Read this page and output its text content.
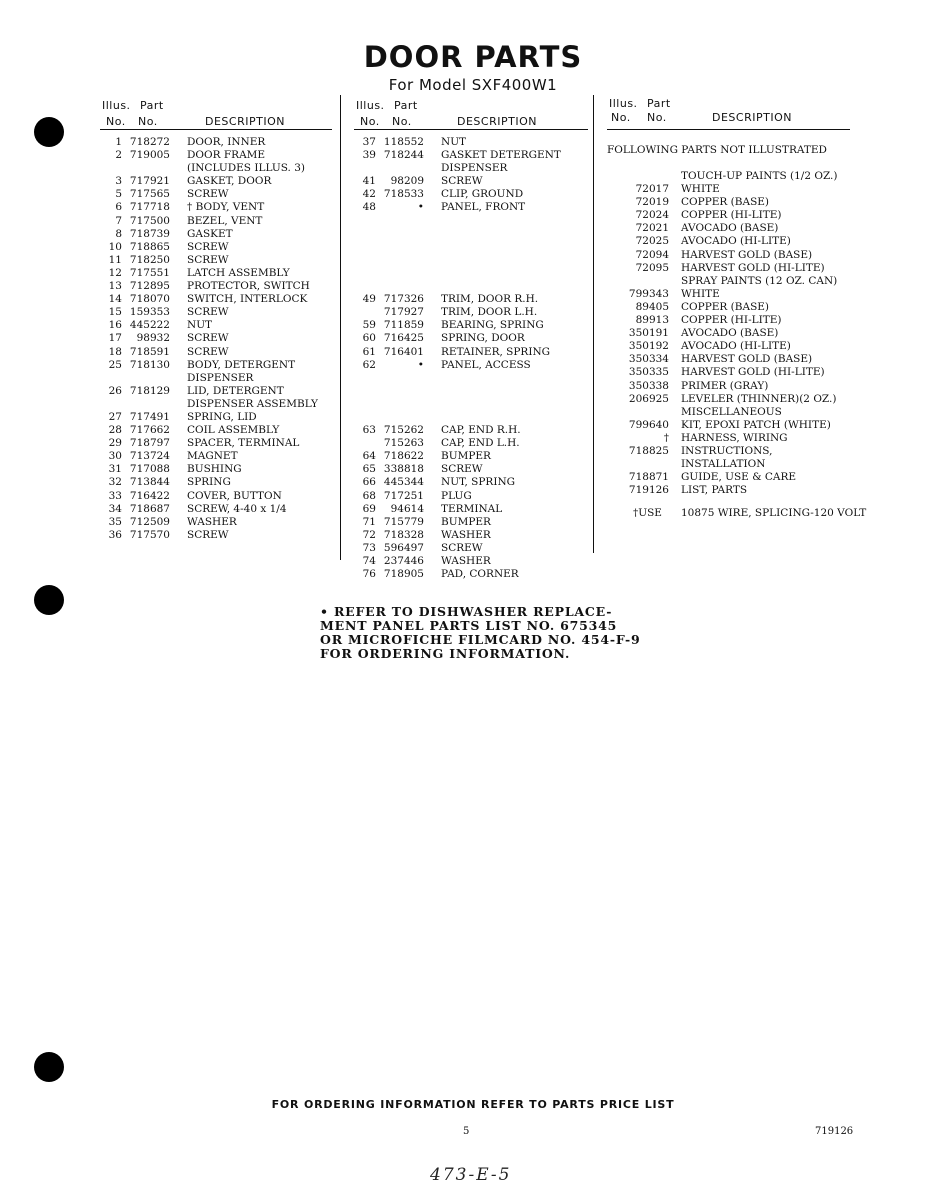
DOOR PARTS
For Model SXF400W1
Illus. Part
No. No.	DESCRIPTION
1 718272 DOOR, INNER
2 719005 DOOR FRAME
(INCLUDES ILLUS. 3)
3 717921 GASKET, DOOR
5 717565 SCREW
6 717718 † BODY, VENT
7 717500 BEZEL, VENT
8 718739 GASKET
10 718865 SCREW
11 718250 SCREW
12 717551 LATCH ASSEMBLY
13 712895 PROTECTOR, SWITCH
14 718070 SWITCH, INTERLOCK
15 159353 SCREW
16 445222 NUT
17	98932 SCREW
18 718591 SCREW
25 718130 BODY, DETERGENT
DISPENSER
26 718129 LID, DETERGENT
DISPENSER ASSEMBLY
27 717491 SPRING, LID
28 717662 COIL ASSEMBLY
29 718797 SPACER, TERMINAL
30 713724 MAGNET
31 717088 BUSHING
32 713844 SPRING
33 716422 COVER, BUTTON
34 718687 SCREW, 4-40 x 1/4
35 712509 WASHER
36 717570 SCREW
Illus. Part
No. No.	DESCRIPTION
37 118552 NUT
39 718244 GASKET DETERGENT
DISPENSER
41	98209 SCREW
42 718533 CLIP, GROUND
48	• PANEL, FRONT
49 717326 TRIM, DOOR R.H.
717927 TRIM, DOOR L.H.
59 711859 BEARING, SPRING
60 716425 SPRING, DOOR
61 716401 RETAINER, SPRING
62	• PANEL, ACCESS
63 715262 CAP, END R.H.
715263 CAP, END L.H.
64 718622 BUMPER
65 338818 SCREW
66 445344 NUT, SPRING
68 717251 PLUG
69	94614 TERMINAL
71 715779 BUMPER
72 718328 WASHER
73 596497 SCREW
74 237446 WASHER
76 718905 PAD, CORNER
Illus. Part
No. No.	DESCRIPTION
FOLLOWING PARTS NOT ILLUSTRATED
TOUCH-UP PAINTS (1/2 OZ.)
72017 WHITE
72019 COPPER (BASE)
72024 COPPER (HI-LITE)
72021 AVOCADO (BASE)
72025 AVOCADO (HI-LITE)
72094 HARVEST GOLD (BASE)
72095 HARVEST GOLD (HI-LITE)
SPRAY PAINTS (12 OZ. CAN)
799343 WHITE
89405 COPPER (BASE)
89913 COPPER (HI-LITE)
350191 AVOCADO (BASE)
350192 AVOCADO (HI-LITE)
350334 HARVEST GOLD (BASE)
350335 HARVEST GOLD (HI-LITE)
350338 PRIMER (GRAY)
206925 LEVELER (THINNER)(2 OZ.)
MISCELLANEOUS
799640 KIT, EPOXI PATCH (WHITE)
† HARNESS, WIRING
718825 INSTRUCTIONS,
INSTALLATION
718871 GUIDE, USE & CARE
719126 LIST, PARTS
†USE 10875 WIRE, SPLICING-120 VOLT
• REFER TO DISHWASHER REPLACE-
MENT PANEL PARTS LIST NO. 675345
OR MICROFICHE FILMCARD NO. 454-F-9
FOR ORDERING INFORMATION.
FOR ORDERING INFORMATION REFER TO PARTS PRICE LIST
5	719126
473-E-5
